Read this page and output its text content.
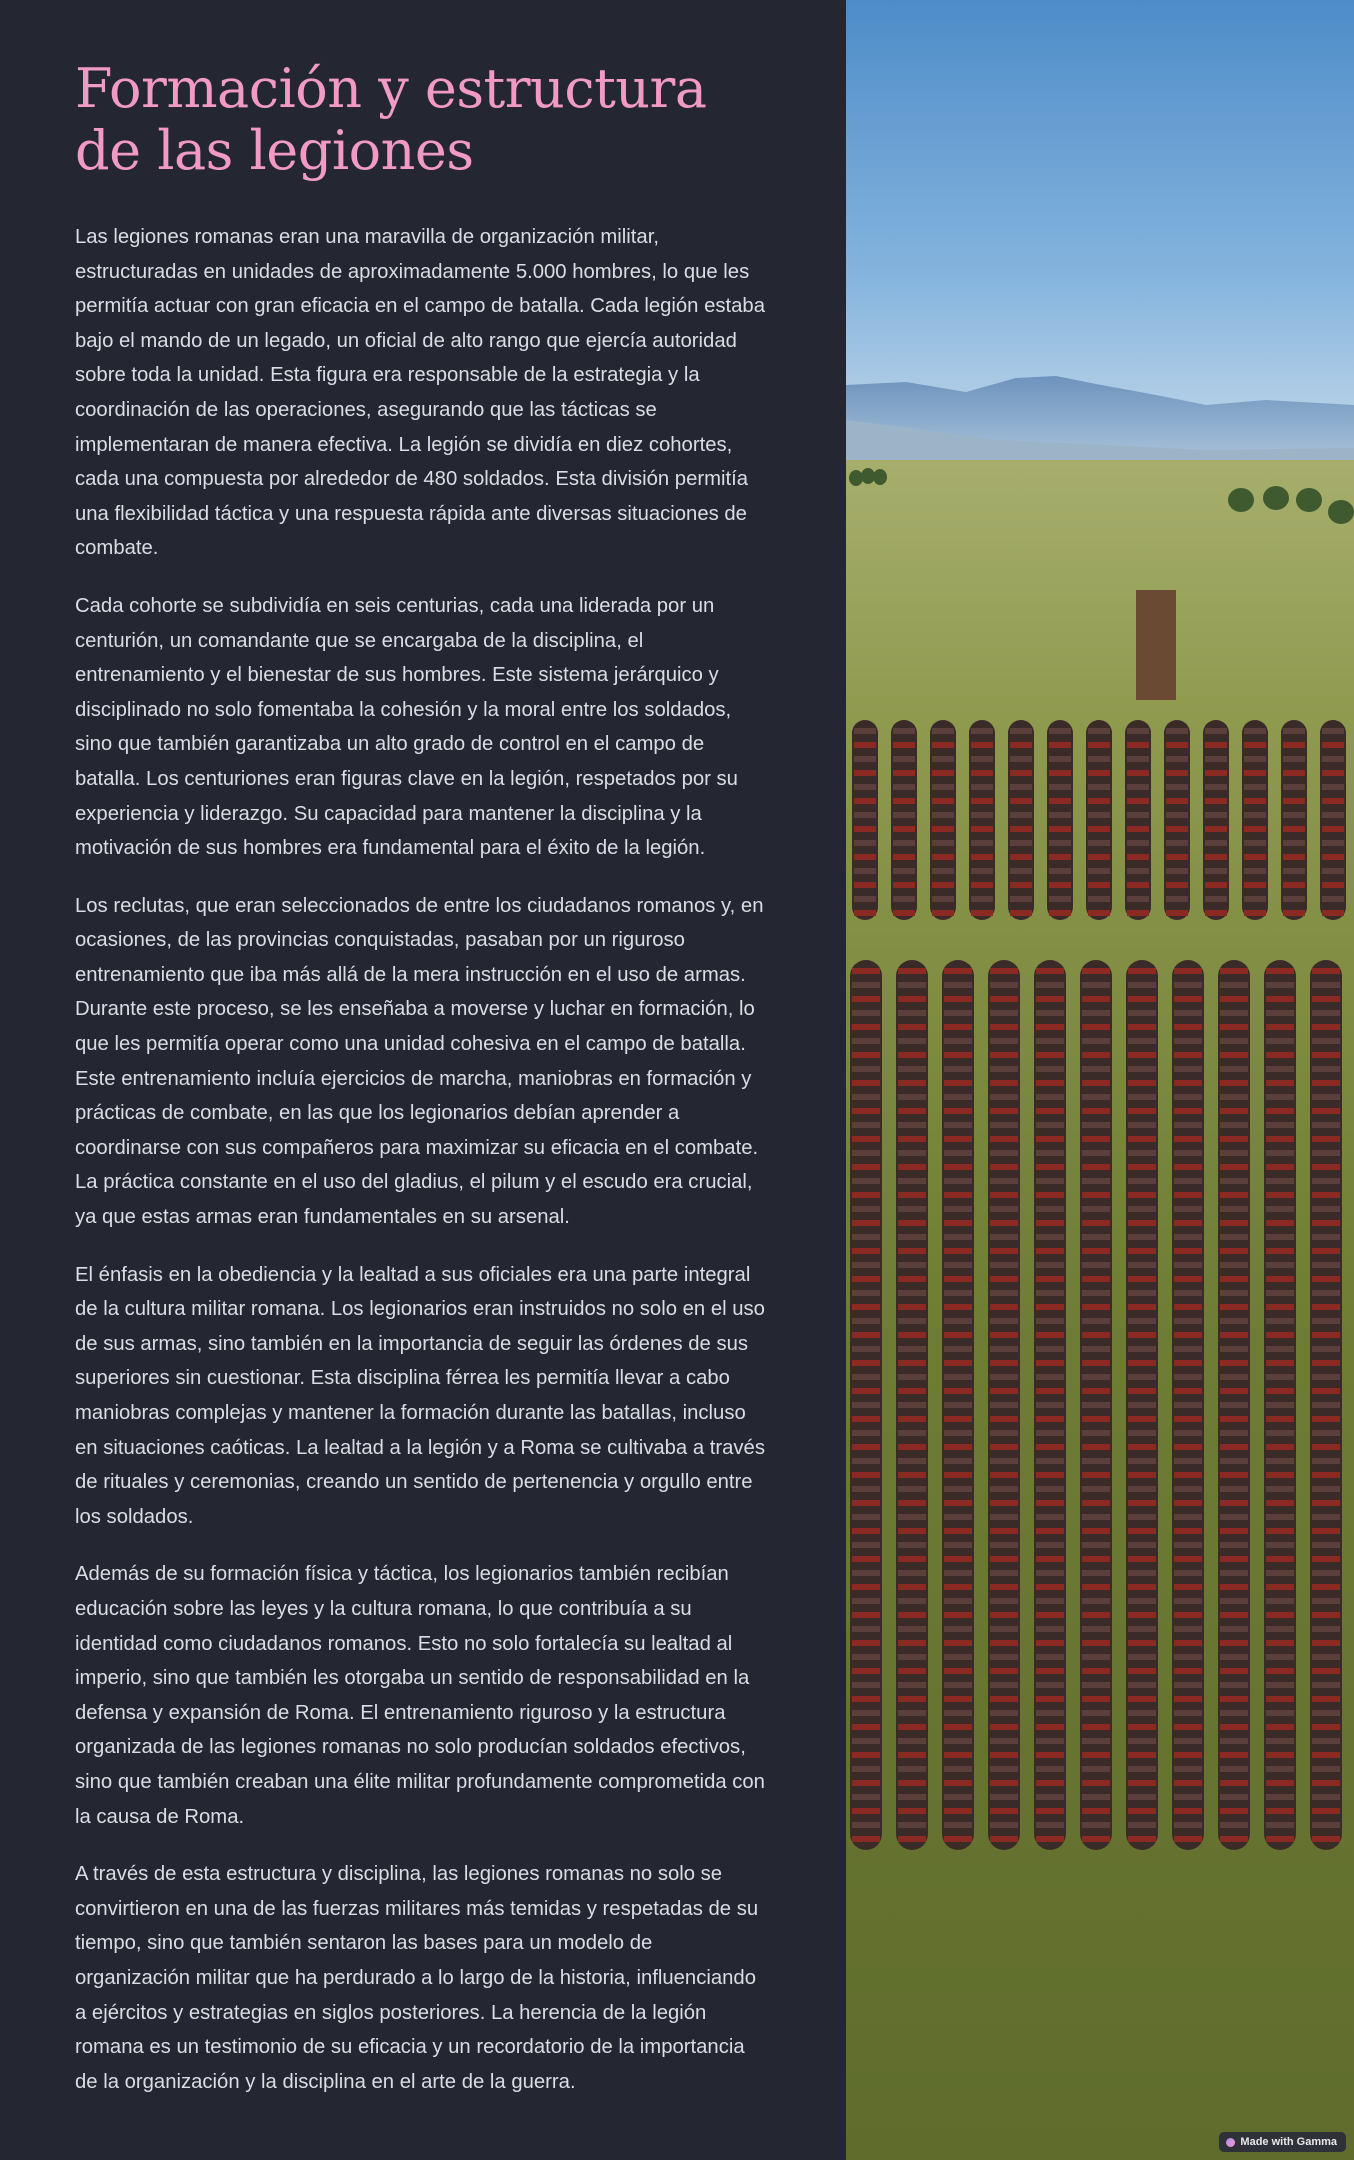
Formación y estructura de las legiones

Las legiones romanas eran una maravilla de organización militar, estructuradas en unidades de aproximadamente 5.000 hombres, lo que les permitía actuar con gran eficacia en el campo de batalla. Cada legión estaba bajo el mando de un legado, un oficial de alto rango que ejercía autoridad sobre toda la unidad. Esta figura era responsable de la estrategia y la coordinación de las operaciones, asegurando que las tácticas se implementaran de manera efectiva. La legión se dividía en diez cohortes, cada una compuesta por alrededor de 480 soldados. Esta división permitía una flexibilidad táctica y una respuesta rápida ante diversas situaciones de combate.

Cada cohorte se subdividía en seis centurias, cada una liderada por un centurión, un comandante que se encargaba de la disciplina, el entrenamiento y el bienestar de sus hombres. Este sistema jerárquico y disciplinado no solo fomentaba la cohesión y la moral entre los soldados, sino que también garantizaba un alto grado de control en el campo de batalla. Los centuriones eran figuras clave en la legión, respetados por su experiencia y liderazgo. Su capacidad para mantener la disciplina y la motivación de sus hombres era fundamental para el éxito de la legión.

Los reclutas, que eran seleccionados de entre los ciudadanos romanos y, en ocasiones, de las provincias conquistadas, pasaban por un riguroso entrenamiento que iba más allá de la mera instrucción en el uso de armas. Durante este proceso, se les enseñaba a moverse y luchar en formación, lo que les permitía operar como una unidad cohesiva en el campo de batalla. Este entrenamiento incluía ejercicios de marcha, maniobras en formación y prácticas de combate, en las que los legionarios debían aprender a coordinarse con sus compañeros para maximizar su eficacia en el combate. La práctica constante en el uso del gladius, el pilum y el escudo era crucial, ya que estas armas eran fundamentales en su arsenal.

El énfasis en la obediencia y la lealtad a sus oficiales era una parte integral de la cultura militar romana. Los legionarios eran instruidos no solo en el uso de sus armas, sino también en la importancia de seguir las órdenes de sus superiores sin cuestionar. Esta disciplina férrea les permitía llevar a cabo maniobras complejas y mantener la formación durante las batallas, incluso en situaciones caóticas. La lealtad a la legión y a Roma se cultivaba a través de rituales y ceremonias, creando un sentido de pertenencia y orgullo entre los soldados.

Además de su formación física y táctica, los legionarios también recibían educación sobre las leyes y la cultura romana, lo que contribuía a su identidad como ciudadanos romanos. Esto no solo fortalecía su lealtad al imperio, sino que también les otorgaba un sentido de responsabilidad en la defensa y expansión de Roma. El entrenamiento riguroso y la estructura organizada de las legiones romanas no solo producían soldados efectivos, sino que también creaban una élite militar profundamente comprometida con la causa de Roma.

A través de esta estructura y disciplina, las legiones romanas no solo se convirtieron en una de las fuerzas militares más temidas y respetadas de su tiempo, sino que también sentaron las bases para un modelo de organización militar que ha perdurado a lo largo de la historia, influenciando a ejércitos y estrategias en siglos posteriores. La herencia de la legión romana es un testimonio de su eficacia y un recordatorio de la importancia de la organización y la disciplina en el arte de la guerra.

Made with Gamma
